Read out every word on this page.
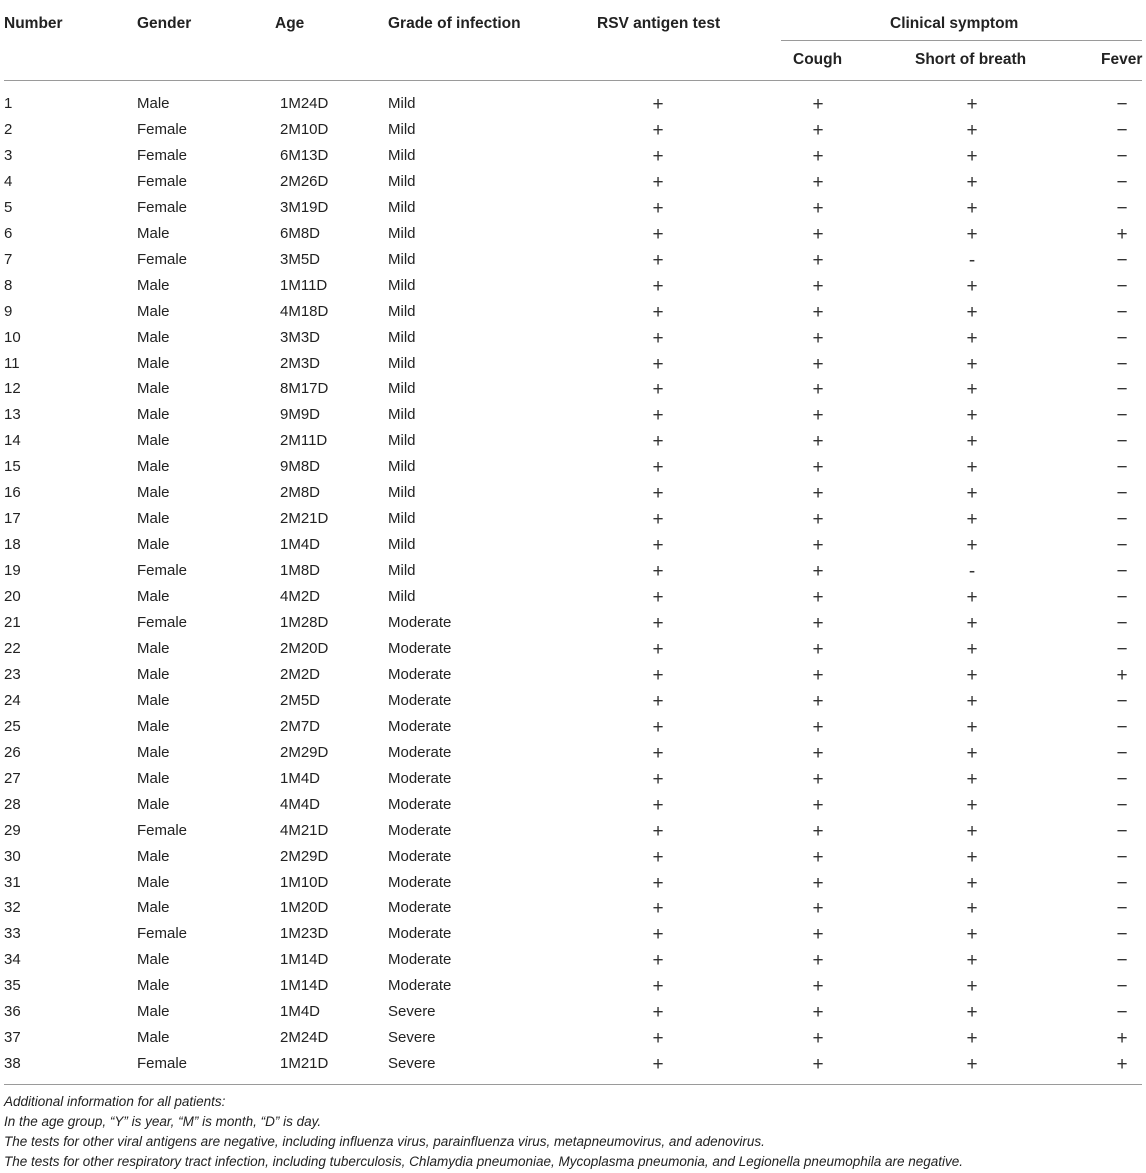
Number	Gender	Age	Grade of infection	RSV antigen test	Clinical symptom
Cough	Short of breath	Fever
1	Male	1M24D	Mild	+	+	+	−
2	Female	2M10D	Mild	+	+	+	−
3	Female	6M13D	Mild	+	+	+	−
4	Female	2M26D	Mild	+	+	+	−
5	Female	3M19D	Mild	+	+	+	−
6	Male	6M8D	Mild	+	+	+	+
7	Female	3M5D	Mild	+	+	-	−
8	Male	1M11D	Mild	+	+	+	−
9	Male	4M18D	Mild	+	+	+	−
10	Male	3M3D	Mild	+	+	+	−
11	Male	2M3D	Mild	+	+	+	−
12	Male	8M17D	Mild	+	+	+	−
13	Male	9M9D	Mild	+	+	+	−
14	Male	2M11D	Mild	+	+	+	−
15	Male	9M8D	Mild	+	+	+	−
16	Male	2M8D	Mild	+	+	+	−
17	Male	2M21D	Mild	+	+	+	−
18	Male	1M4D	Mild	+	+	+	−
19	Female	1M8D	Mild	+	+	-	−
20	Male	4M2D	Mild	+	+	+	−
21	Female	1M28D	Moderate	+	+	+	−
22	Male	2M20D	Moderate	+	+	+	−
23	Male	2M2D	Moderate	+	+	+	+
24	Male	2M5D	Moderate	+	+	+	−
25	Male	2M7D	Moderate	+	+	+	−
26	Male	2M29D	Moderate	+	+	+	−
27	Male	1M4D	Moderate	+	+	+	−
28	Male	4M4D	Moderate	+	+	+	−
29	Female	4M21D	Moderate	+	+	+	−
30	Male	2M29D	Moderate	+	+	+	−
31	Male	1M10D	Moderate	+	+	+	−
32	Male	1M20D	Moderate	+	+	+	−
33	Female	1M23D	Moderate	+	+	+	−
34	Male	1M14D	Moderate	+	+	+	−
35	Male	1M14D	Moderate	+	+	+	−
36	Male	1M4D	Severe	+	+	+	−
37	Male	2M24D	Severe	+	+	+	+
38	Female	1M21D	Severe	+	+	+	+
Additional information for all patients:
In the age group, “Y” is year, “M” is month, “D” is day.
The tests for other viral antigens are negative, including influenza virus, parainfluenza virus, metapneumovirus, and adenovirus.
The tests for other respiratory tract infection, including tuberculosis, Chlamydia pneumoniae, Mycoplasma pneumonia, and Legionella pneumophila are negative.
